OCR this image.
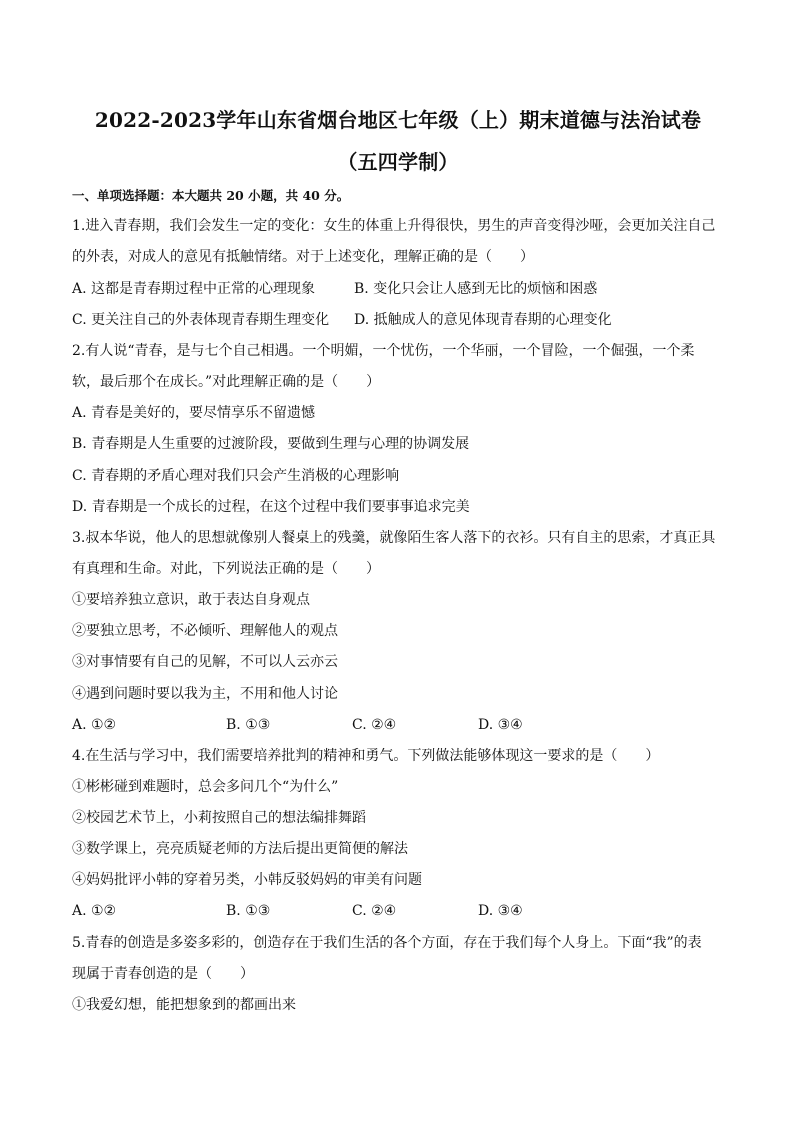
2022-2023学年山东省烟台地区七年级（上）期末道德与法治试卷
（五四学制）
一、单项选择题：本大题共 20 小题，共 40 分。
1.进入青春期，我们会发生一定的变化：女生的体重上升得很快，男生的声音变得沙哑，会更加关注自己
的外表，对成人的意见有抵触情绪。对于上述变化，理解正确的是（　　）
A. 这都是青春期过程中正常的心理现象	B. 变化只会让人感到无比的烦恼和困惑
C. 更关注自己的外表体现青春期生理变化 D. 抵触成人的意见体现青春期的心理变化
2.有人说“青春，是与七个自己相遇。一个明媚，一个忧伤，一个华丽，一个冒险，一个倔强，一个柔
软，最后那个在成长。”对此理解正确的是（　　）
A. 青春是美好的，要尽情享乐不留遗憾
B. 青春期是人生重要的过渡阶段，要做到生理与心理的协调发展
C. 青春期的矛盾心理对我们只会产生消极的心理影响
D. 青春期是一个成长的过程，在这个过程中我们要事事追求完美
3.叔本华说，他人的思想就像别人餐桌上的残羹，就像陌生客人落下的衣衫。只有自主的思索，才真正具
有真理和生命。对此，下列说法正确的是（　　）
①要培养独立意识，敢于表达自身观点
②要独立思考，不必倾听、理解他人的观点
③对事情要有自己的见解，不可以人云亦云
④遇到问题时要以我为主，不用和他人讨论
A. ①②	B. ①③	C. ②④	D. ③④
4.在生活与学习中，我们需要培养批判的精神和勇气。下列做法能够体现这一要求的是（　　）
①彬彬碰到难题时，总会多问几个“为什么”
②校园艺术节上，小莉按照自己的想法编排舞蹈
③数学课上，亮亮质疑老师的方法后提出更简便的解法
④妈妈批评小韩的穿着另类，小韩反驳妈妈的审美有问题
A. ①②	B. ①③	C. ②④	D. ③④
5.青春的创造是多姿多彩的，创造存在于我们生活的各个方面，存在于我们每个人身上。下面“我”的表
现属于青春创造的是（　　）
①我爱幻想，能把想象到的都画出来
